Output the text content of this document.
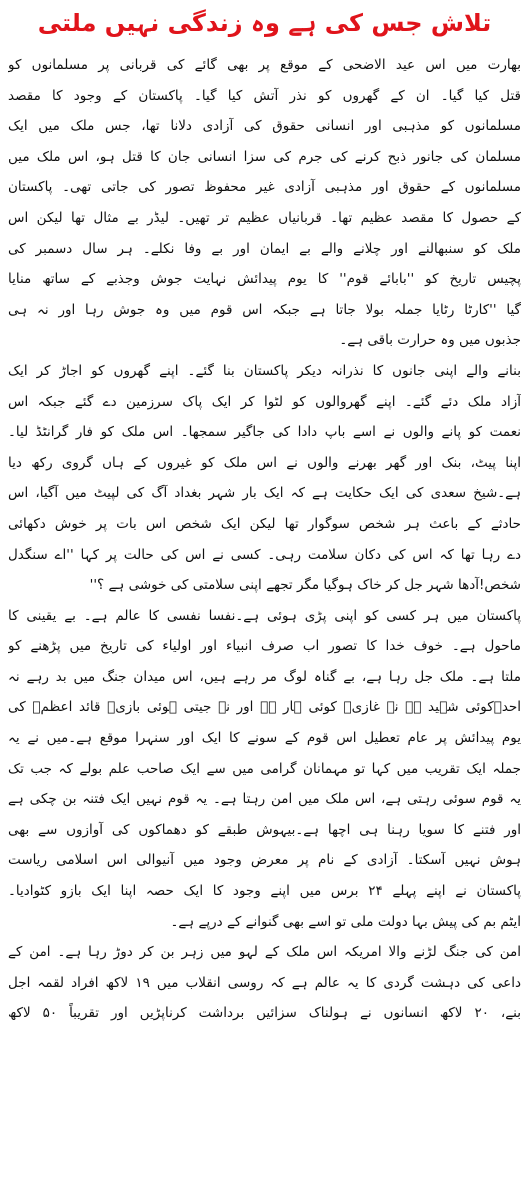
تلاش جس کی ہے وہ زندگی نہیں ملتی
بھارت میں اس عید الاضحی کے موقع پر بھی گائے کی قربانی پر مسلمانوں کو
قتل کیا گیا۔ ان کے گھروں کو نذر آتش کیا گیا۔ پاکستان کے وجود کا مقصد
مسلمانوں کو مذہبی اور انسانی حقوق کی آزادی دلانا تھا، جس ملک میں ایک
مسلمان کی جانور ذبح کرنے کی جرم کی سزا انسانی جان کا قتل ہو، اس ملک میں
مسلمانوں کے حقوق اور مذہبی آزادی غیر محفوظ تصور کی جاتی تھی۔ پاکستان
کے حصول کا مقصد عظیم تھا۔ قربانیاں عظیم تر تھیں۔ لیڈر بے مثال تھا لیکن اس
ملک کو سنبھالنے اور چلانے والے بے ایمان اور بے وفا نکلے۔ ہر سال دسمبر کی
پچیس تاریخ کو ''بابائے قوم'' کا یوم پیدائش نہایت جوش وجذبے کے ساتھ منایا
گیا ''کارٹا رٹایا جملہ بولا جاتا ہے جبکہ اس قوم میں وہ جوش رہا اور نہ ہی
جذبوں میں وہ حرارت باقی ہے۔
بنانے والے اپنی جانوں کا نذرانہ دیکر پاکستان بنا گئے۔ اپنے گھروں کو اجاڑ کر ایک
آزاد ملک دئے گئے۔ اپنے گھروالوں کو لٹوا کر ایک پاک سرزمین دے گئے جبکہ اس
نعمت کو پانے والوں نے اسے باپ دادا کی جاگیر سمجھا۔ اس ملک کو فار گرانٹڈ لیا۔
اپنا پیٹ، بنک اور گھر بھرنے والوں نے اس ملک کو غیروں کے ہاں گروی رکھ دیا
ہے۔شیخ سعدی کی ایک حکایت ہے کہ ایک بار شہر بغداد آگ کی لپیٹ میں آگیا، اس
حادثے کے باعث ہر شخص سوگوار تھا لیکن ایک شخص اس بات پر خوش دکھائی
دے رہا تھا کہ اس کی دکان سلامت رہی۔ کسی نے اس کی حالت پر کہا ''اے سنگدل
شخص!آدھا شہر جل کر خاک ہوگیا مگر تجھے اپنی سلامتی کی خوشی ہے ؟''
پاکستان میں ہر کسی کو اپنی پڑی ہوئی ہے۔نفسا نفسی کا عالم ہے۔ بے یقینی کا
ماحول ہے۔ خوف خدا کا تصور اب صرف انبیاء اور اولیاء کی تاریخ میں پڑھنے کو
ملتا ہے۔ ملک جل رہا ہے، بے گناہ لوگ مر رہے ہیں، اس میدان جنگ میں بد رہے نہ
احد۔کوئی شہید ہے نہ غازی۔ کوئی ہار ہے اور نہ جیتی ہوئی بازی۔ قائد اعظمؒ کی
یوم پیدائش پر عام تعطیل اس قوم کے سونے کا ایک اور سنہرا موقع ہے۔میں نے یہ
جملہ ایک تقریب میں کہا تو مہمانان گرامی میں سے ایک صاحب علم بولے کہ جب تک
یہ قوم سوئی رہتی ہے، اس ملک میں امن رہتا ہے۔ یہ قوم نہیں ایک فتنہ بن چکی ہے
اور فتنے کا سویا رہنا ہی اچھا ہے۔بیہوش طبقے کو دھماکوں کی آوازوں سے بھی
ہوش نہیں آسکتا۔ آزادی کے نام پر معرض وجود میں آنیوالی اس اسلامی ریاست
پاکستان نے اپنے پہلے ۲۴ برس میں اپنے وجود کا ایک حصہ اپنا ایک بازو کٹوادیا۔
ایٹم بم کی پیش بہا دولت ملی تو اسے بھی گنوانے کے درپے ہے۔
امن کی جنگ لڑنے والا امریکہ اس ملک کے لہو میں زہر بن کر دوڑ رہا ہے۔ امن کے
داعی کی دہشت گردی کا یہ عالم ہے کہ روسی انقلاب میں ۱۹ لاکھ افراد لقمہ اجل
بنے، ۲۰ لاکھ انسانوں نے ہولناک سزائیں برداشت کرناپڑیں اور تقریباً ۵۰ لاکھ
